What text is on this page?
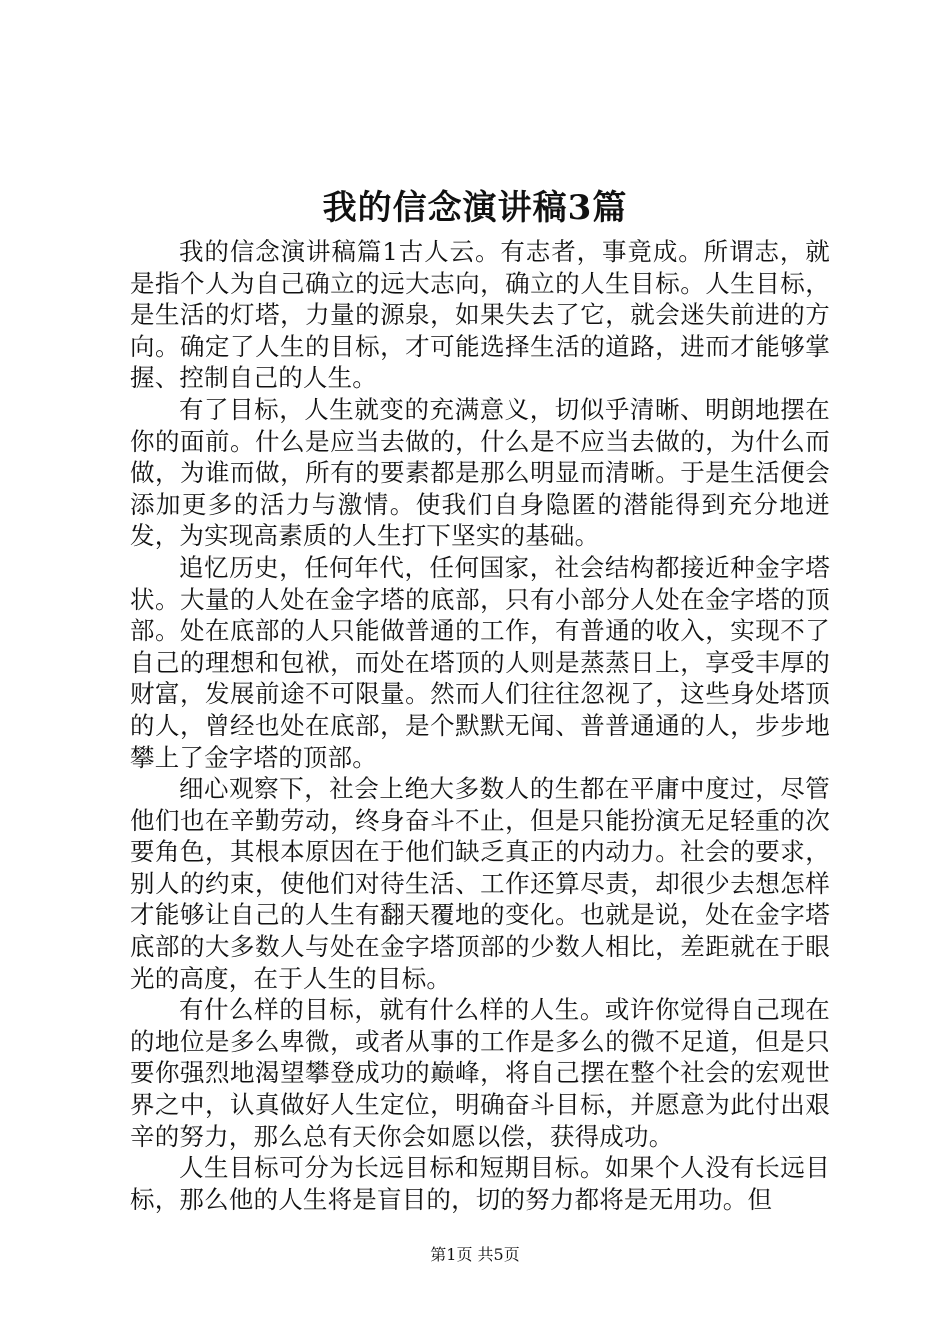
我的信念演讲稿3篇

我的信念演讲稿篇1古人云。有志者，事竟成。所谓志，就是指个人为自己确立的远大志向，确立的人生目标。人生目标，是生活的灯塔，力量的源泉，如果失去了它，就会迷失前进的方向。确定了人生的目标，才可能选择生活的道路，进而才能够掌握、控制自己的人生。

有了目标，人生就变的充满意义，切似乎清晰、明朗地摆在你的面前。什么是应当去做的，什么是不应当去做的，为什么而做，为谁而做，所有的要素都是那么明显而清晰。于是生活便会添加更多的活力与激情。使我们自身隐匿的潜能得到充分地迸发，为实现高素质的人生打下坚实的基础。

追忆历史，任何年代，任何国家，社会结构都接近种金字塔状。大量的人处在金字塔的底部，只有小部分人处在金字塔的顶部。处在底部的人只能做普通的工作，有普通的收入，实现不了自己的理想和包袱，而处在塔顶的人则是蒸蒸日上，享受丰厚的财富，发展前途不可限量。然而人们往往忽视了，这些身处塔顶的人，曾经也处在底部，是个默默无闻、普普通通的人，步步地攀上了金字塔的顶部。

细心观察下，社会上绝大多数人的生都在平庸中度过，尽管他们也在辛勤劳动，终身奋斗不止，但是只能扮演无足轻重的次要角色，其根本原因在于他们缺乏真正的内动力。社会的要求，别人的约束，使他们对待生活、工作还算尽责，却很少去想怎样才能够让自己的人生有翻天覆地的变化。也就是说，处在金字塔底部的大多数人与处在金字塔顶部的少数人相比，差距就在于眼光的高度，在于人生的目标。

有什么样的目标，就有什么样的人生。或许你觉得自己现在的地位是多么卑微，或者从事的工作是多么的微不足道，但是只要你强烈地渴望攀登成功的巅峰，将自己摆在整个社会的宏观世界之中，认真做好人生定位，明确奋斗目标，并愿意为此付出艰辛的努力，那么总有天你会如愿以偿，获得成功。

人生目标可分为长远目标和短期目标。如果个人没有长远目标，那么他的人生将是盲目的，切的努力都将是无用功。但

第1页 共5页
